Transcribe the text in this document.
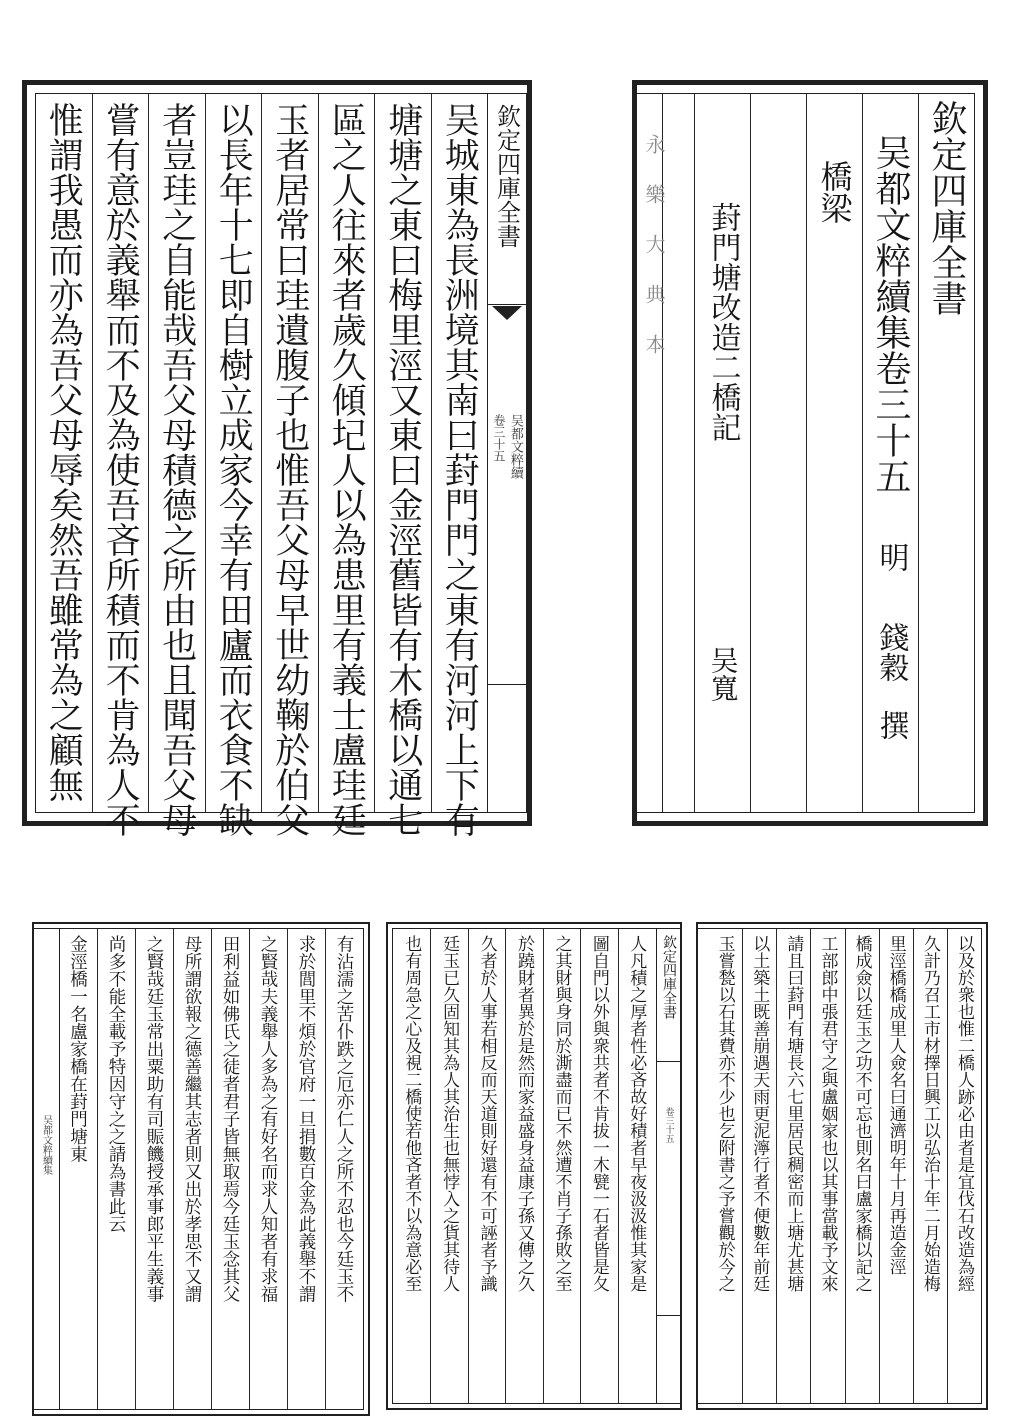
吴城東為長洲境其南曰葑門門之東有河河上下有
塘塘之東曰梅里涇又東曰金涇舊皆有木橋以通七
區之人往來者歲久傾圮人以為患里有義士盧珪廷
玉者居常曰珪遺腹子也惟吾父母早世幼鞠於伯父
以長年十七即自樹立成家今幸有田廬而衣食不缺
者豈珪之自能哉吾父母積德之所由也且聞吾父母
嘗有意於義舉而不及為使吾吝所積而不肯為人不
惟謂我愚而亦為吾父母辱矣然吾雖常為之顧無	欽定四庫全書
吴都文粹續
卷三十五
永樂大典本	欽定四庫全書
吴都文粹續集卷三十五
明
錢穀
撰
橋梁
葑門塘改造二橋記
吴寬
吴都文粹續集	有沾濡之苦仆跌之厄亦仁人之所不忍也今廷玉不
求於閭里不煩於官府一旦捐數百金為此義舉不謂
之賢哉夫義舉人多為之有好名而求人知者有求福
田利益如佛氏之徒者君子皆無取焉今廷玉念其父
母所謂欲報之德善繼其志者則又出於孝思不又謂
之賢哉廷玉常出粟助有司賑饑授承事郎平生義事
尚多不能全載予特因守之之請為書此云
金涇橋一名盧家橋在葑門塘東	人凡積之厚者性必吝故好積者早夜汲汲惟其家是
圖自門以外與衆共者不肯拔一木甓一石者皆是夂
之其財與身同於澌盡而已不然遭不肖子孫敗之至
於蹺財者異於是然而家益盛身益康子孫又傳之久
久者於人事若相反而天道則好還有不可誣者予識
廷玉已久固知其為人其治生也無悖入之貨其待人
也有周急之心及視二橋使若他吝者不以為意必至	欽定四庫全書
卷三十五	以及於衆也惟二橋人跡必由者是宜伐石改造為經
久計乃召工市材擇日興工以弘治十年二月始造梅
里涇橋橋成里人僉名曰通濟明年十月再造金涇
橋成僉以廷玉之功不可忘也則名曰盧家橋以記之
工部郎中張君守之與盧姻家也以其事當載予文來
請且曰葑門有塘長六七里居民稠密而上塘尤甚塘
以土築土既善崩遇天雨更泥濘行者不便數年前廷
玉嘗甃以石其費亦不少也乞附書之予嘗觀於今之
